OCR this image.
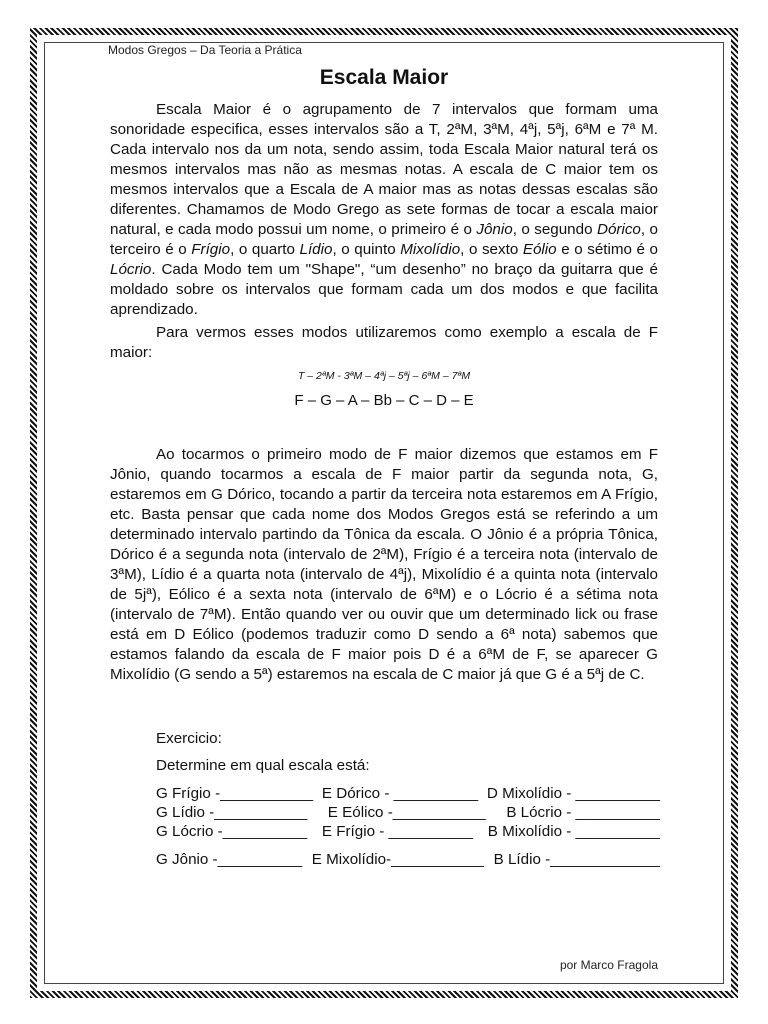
Modos Gregos – Da Teoria a Prática
Escala Maior
Escala Maior é o agrupamento de 7 intervalos que formam uma sonoridade especifica, esses intervalos são a T, 2ªM, 3ªM, 4ªj, 5ªj, 6ªM e 7ª M. Cada intervalo nos da um nota, sendo assim, toda Escala Maior natural terá os mesmos intervalos mas não as mesmas notas. A escala de C maior tem os mesmos intervalos que a Escala de A maior mas as notas dessas escalas são diferentes. Chamamos de Modo Grego as sete formas de tocar a escala maior natural, e cada modo possui um nome, o primeiro é o Jônio, o segundo Dórico, o terceiro é o Frígio, o quarto Lídio, o quinto Mixolídio, o sexto Eólio e o sétimo é o Lócrio. Cada Modo tem um "Shape", “um desenho” no braço da guitarra que é moldado sobre os intervalos que formam cada um dos modos e que facilita aprendizado.
Para vermos esses modos utilizaremos como exemplo a escala de F maior:
T – 2ªM - 3ªM – 4ªj – 5ªj – 6ªM – 7ªM
F – G – A – Bb – C – D – E
Ao tocarmos o primeiro modo de F maior dizemos que estamos em F Jônio, quando tocarmos a escala de F maior partir da segunda nota, G, estaremos em G Dórico, tocando a partir da terceira nota estaremos em A Frígio, etc. Basta pensar que cada nome dos Modos Gregos está se referindo a um determinado intervalo partindo da Tônica da escala. O Jônio é a própria Tônica, Dórico é a segunda nota (intervalo de 2ªM), Frígio é a terceira nota (intervalo de 3ªM), Lídio é a quarta nota (intervalo de 4ªj), Mixolídio é a quinta nota (intervalo de 5jª), Eólico é a sexta nota (intervalo de 6ªM) e o Lócrio é a sétima nota (intervalo de 7ªM). Então quando ver ou ouvir que um determinado lick ou frase está em D Eólico (podemos traduzir como D sendo a 6ª nota) sabemos que estamos falando da escala de F maior pois D é a 6ªM de F, se aparecer G Mixolídio (G sendo a 5ª) estaremos na escala de C maior já que G é a 5ªj de C.
Exercicio:
Determine em qual escala está:
G Frígio -___________ E Dórico - __________ D Mixolídio - __________
G Lídio -___________ E Eólico -___________ B Lócrio - __________
G Lócrio -__________ E Frígio - __________ B Mixolídio - __________
G Jônio -__________ E Mixolídio-___________ B Lídio -_____________
por Marco Fragola
